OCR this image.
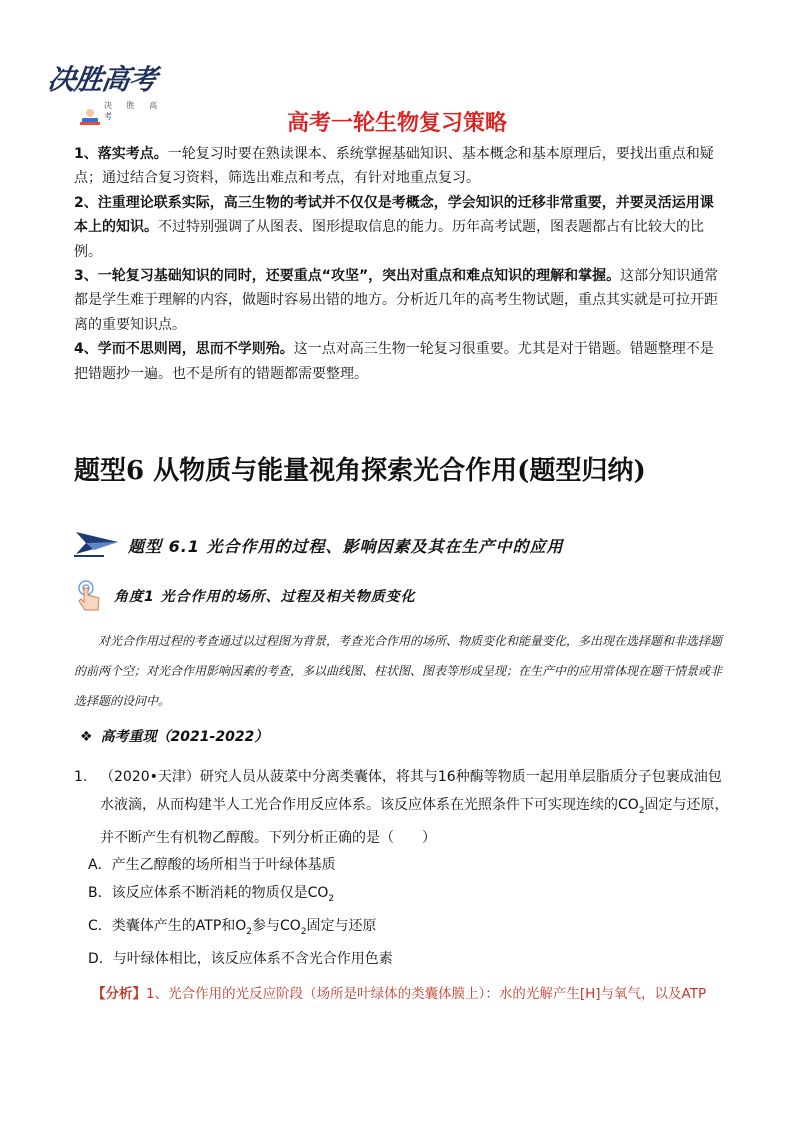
决胜高考
决 胜 高 考	高考一轮生物复习策略

1、落实考点。一轮复习时要在熟读课本、系统掌握基础知识、基本概念和基本原理后，要找出重点和疑点；通过结合复习资料，筛选出难点和考点，有针对地重点复习。

2、注重理论联系实际，高三生物的考试并不仅仅是考概念，学会知识的迁移非常重要，并要灵活运用课本上的知识。不过特别强调了从图表、图形提取信息的能力。历年高考试题，图表题都占有比较大的比例。

3、一轮复习基础知识的同时，还要重点“攻坚”，突出对重点和难点知识的理解和掌握。这部分知识通常都是学生难于理解的内容，做题时容易出错的地方。分析近几年的高考生物试题，重点其实就是可拉开距离的重要知识点。

4、学而不思则罔，思而不学则殆。这一点对高三生物一轮复习很重要。尤其是对于错题。错题整理不是把错题抄一遍。也不是所有的错题都需要整理。

题型6 从物质与能量视角探索光合作用(题型归纳)
题型 6.1 光合作用的过程、影响因素及其在生产中的应用
角度1 光合作用的场所、过程及相关物质变化
对光合作用过程的考查通过以过程图为背景，考查光合作用的场所、物质变化和能量变化，多出现在选择题和非选择题的前两个空；对光合作用影响因素的考查，多以曲线图、柱状图、图表等形成呈现；在生产中的应用常体现在题干情景或非选择题的设问中。
❖ 高考重现（2021-2022）
1. （2020•天津）研究人员从菠菜中分离类囊体，将其与16种酶等物质一起用单层脂质分子包裹成油包水液滴，从而构建半人工光合作用反应体系。该反应体系在光照条件下可实现连续的$CO_2$固定与还原，并不断产生有机物乙醇酸。下列分析正确的是（　　）
A．产生乙醇酸的场所相当于叶绿体基质
B．该反应体系不断消耗的物质仅是$CO_2$
C．类囊体产生的ATP和$O_2$参与$CO_2$固定与还原
D．与叶绿体相比，该反应体系不含光合作用色素
【分析】1、光合作用的光反应阶段（场所是叶绿体的类囊体膜上）：水的光解产生[H]与氧气，以及ATP
